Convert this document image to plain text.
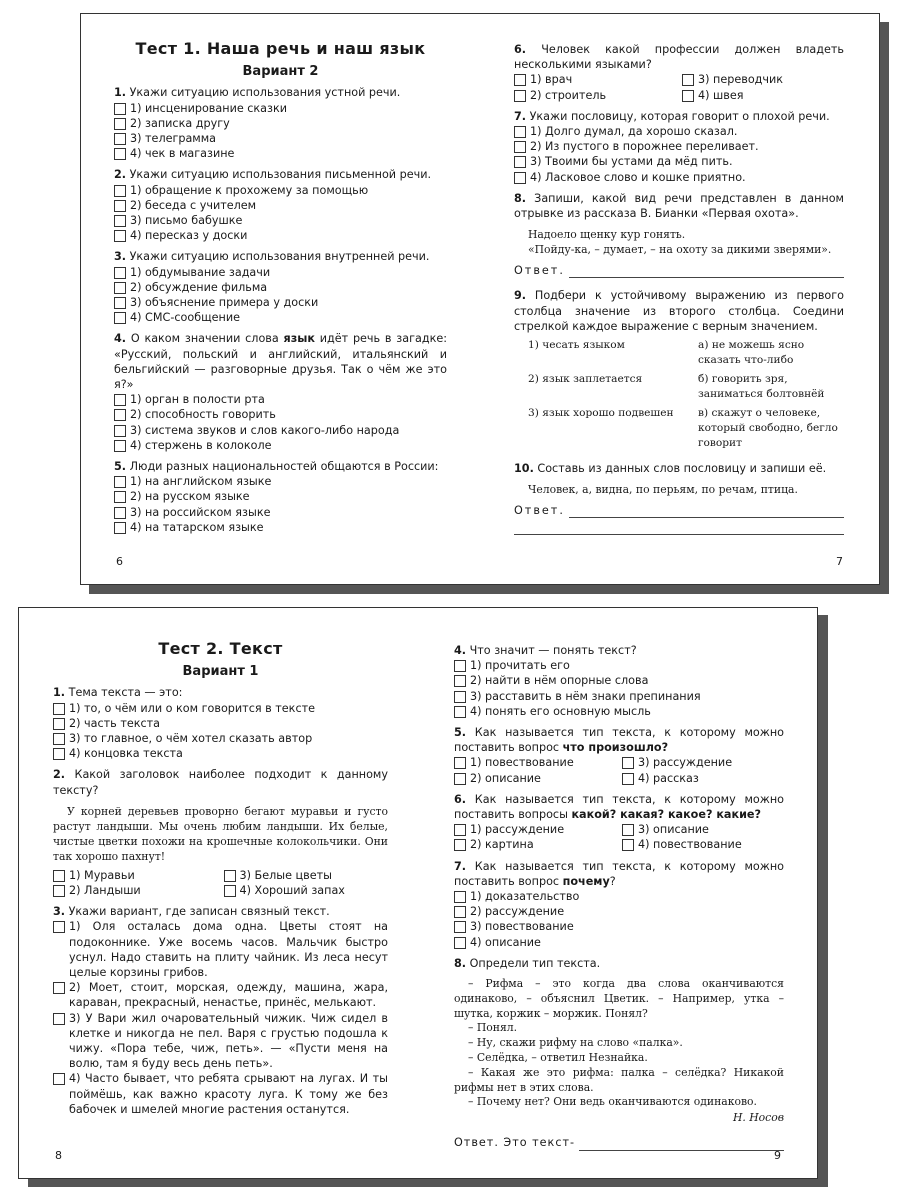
Тест 1. Наша речь и наш язык
Вариант 2
1. Укажи ситуацию использования устной речи.
1) инсценирование сказки
2) записка другу
3) телеграмма
4) чек в магазине
2. Укажи ситуацию использования письменной речи.
1) обращение к прохожему за помощью
2) беседа с учителем
3) письмо бабушке
4) пересказ у доски
3. Укажи ситуацию использования внутренней речи.
1) обдумывание задачи
2) обсуждение фильма
3) объяснение примера у доски
4) СМС-сообщение
4. О каком значении слова язык идёт речь в загадке: «Русский, польский и английский, итальянский и бельгийский — разговорные друзья. Так о чём же это я?»
1) орган в полости рта
2) способность говорить
3) система звуков и слов какого-либо народа
4) стержень в колоколе
5. Люди разных национальностей общаются в России:
1) на английском языке
2) на русском языке
3) на российском языке
4) на татарском языке
6
6. Человек какой профессии должен владеть несколькими языками?
1) врач	3) переводчик
2) строитель	4) швея
7. Укажи пословицу, которая говорит о плохой речи.
1) Долго думал, да хорошо сказал.
2) Из пустого в порожнее переливает.
3) Твоими бы устами да мёд пить.
4) Ласковое слово и кошке приятно.
8. Запиши, какой вид речи представлен в данном отрывке из рассказа В. Бианки «Первая охота».
Надоело щенку кур гонять.
«Пойду-ка, – думает, – на охоту за дикими зверями».
Ответ.
9. Подбери к устойчивому выражению из первого столбца значение из второго столбца. Соедини стрелкой каждое выражение с верным значением.
1) чесать языком	а) не можешь ясно сказать что-либо
2) язык заплетается	б) говорить зря, заниматься болтовнёй
3) язык хорошо подвешен	в) скажут о человеке, который свободно, бегло говорит
10. Составь из данных слов пословицу и запиши её.
Человек, а, видна, по перьям, по речам, птица.
Ответ.
7
Тест 2. Текст
Вариант 1
1. Тема текста — это:
1) то, о чём или о ком говорится в тексте
2) часть текста
3) то главное, о чём хотел сказать автор
4) концовка текста
2. Какой заголовок наиболее подходит к данному тексту?
У корней деревьев проворно бегают муравьи и густо растут ландыши. Мы очень любим ландыши. Их белые, чистые цветки похожи на крошечные колокольчики. Они так хорошо пахнут!
1) Муравьи	3) Белые цветы
2) Ландыши	4) Хороший запах
3. Укажи вариант, где записан связный текст.
1) Оля осталась дома одна. Цветы стоят на подоконнике. Уже восемь часов. Мальчик быстро уснул. Надо ставить на плиту чайник. Из леса несут целые корзины грибов.
2) Моет, стоит, морская, одежду, машина, жара, караван, прекрасный, ненастье, принёс, мелькают.
3) У Вари жил очаровательный чижик. Чиж сидел в клетке и никогда не пел. Варя с грустью подошла к чижу. «Пора тебе, чиж, петь». — «Пусти меня на волю, там я буду весь день петь».
4) Часто бывает, что ребята срывают на лугах. И ты поймёшь, как важно красоту луга. К тому же без бабочек и шмелей многие растения останутся.
8
4. Что значит — понять текст?
1) прочитать его
2) найти в нём опорные слова
3) расставить в нём знаки препинания
4) понять его основную мысль
5. Как называется тип текста, к которому можно поставить вопрос что произошло?
1) повествование	3) рассуждение
2) описание	4) рассказ
6. Как называется тип текста, к которому можно поставить вопросы какой? какая? какое? какие?
1) рассуждение	3) описание
2) картина	4) повествование
7. Как называется тип текста, к которому можно поставить вопрос почему?
1) доказательство
2) рассуждение
3) повествование
4) описание
8. Определи тип текста.

– Рифма – это когда два слова оканчиваются одинаково, – объяснил Цветик. – Например, утка – шутка, коржик – моржик. Понял?

– Понял.

– Ну, скажи рифму на слово «палка».

– Селёдка, – ответил Незнайка.

– Какая же это рифма: палка – селёдка? Никакой рифмы нет в этих слова.

– Почему нет? Они ведь оканчиваются одинаково.

Н. Носов
Ответ. Это текст-
9
